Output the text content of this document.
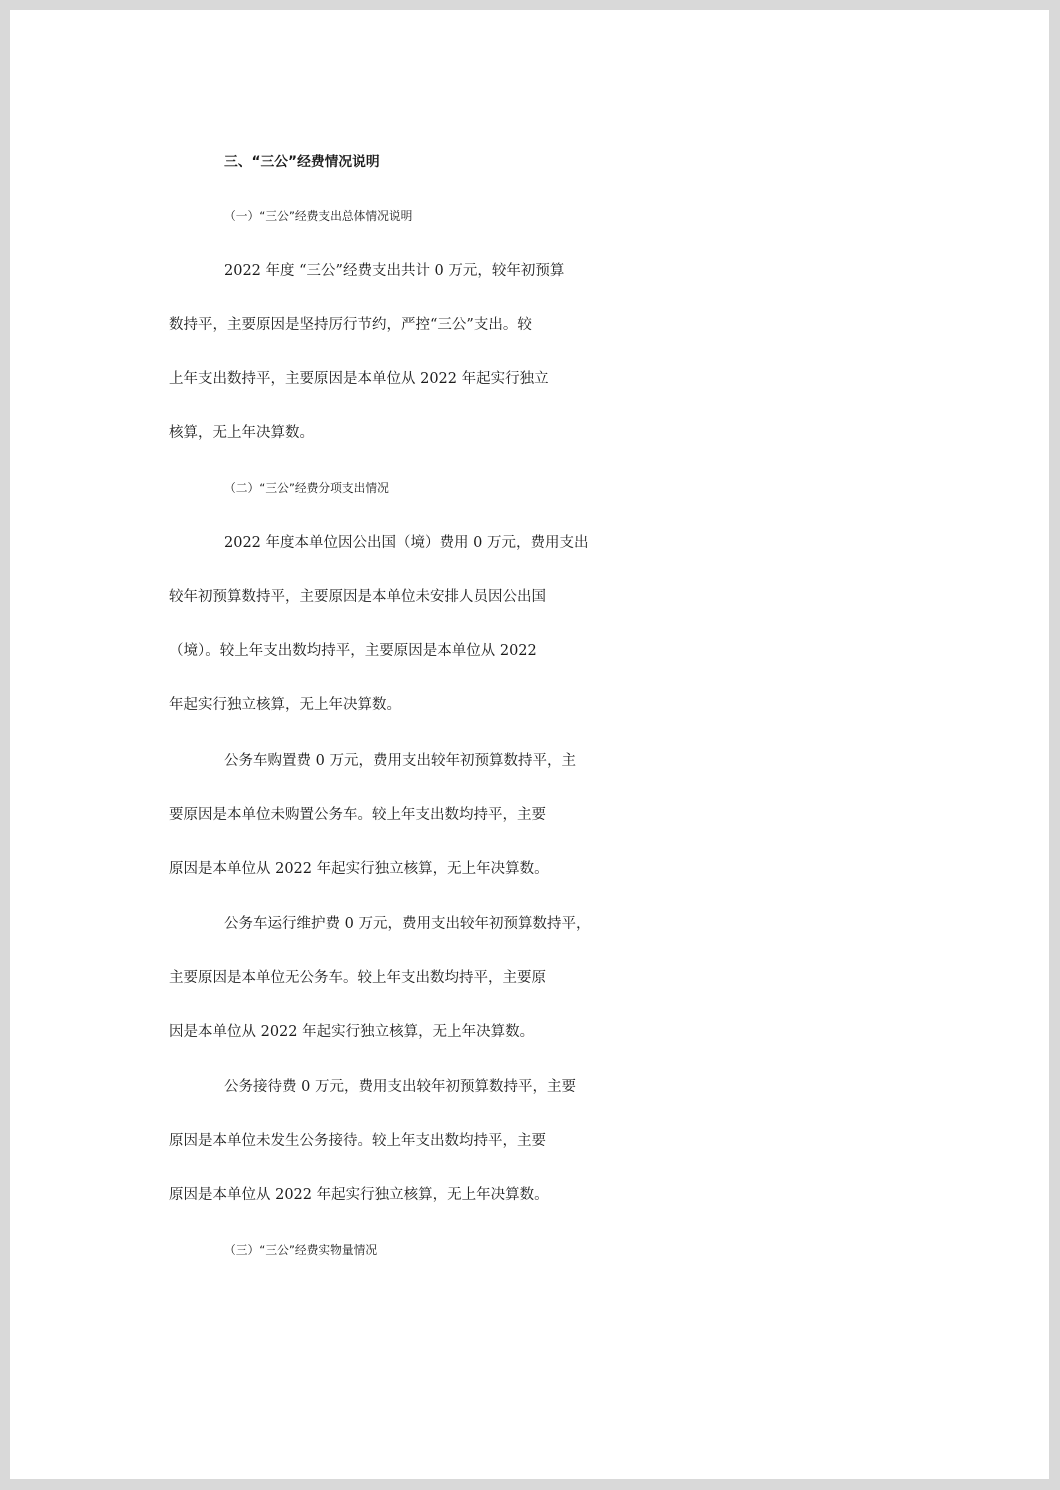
三、“三公”经费情况说明
（一）“三公”经费支出总体情况说明
2022 年度 “三公”经费支出共计 0 万元，较年初预算
数持平，主要原因是坚持厉行节约，严控“三公”支出。较
上年支出数持平，主要原因是本单位从 2022 年起实行独立
核算，无上年决算数。
（二）“三公”经费分项支出情况
2022 年度本单位因公出国（境）费用 0 万元，费用支出
较年初预算数持平，主要原因是本单位未安排人员因公出国
（境）。较上年支出数均持平，主要原因是本单位从 2022
年起实行独立核算，无上年决算数。
公务车购置费 0 万元，费用支出较年初预算数持平，主
要原因是本单位未购置公务车。较上年支出数均持平，主要
原因是本单位从 2022 年起实行独立核算，无上年决算数。
公务车运行维护费 0 万元，费用支出较年初预算数持平，
主要原因是本单位无公务车。较上年支出数均持平，主要原
因是本单位从 2022 年起实行独立核算，无上年决算数。
公务接待费 0 万元，费用支出较年初预算数持平，主要
原因是本单位未发生公务接待。较上年支出数均持平，主要
原因是本单位从 2022 年起实行独立核算，无上年决算数。
（三）“三公”经费实物量情况
